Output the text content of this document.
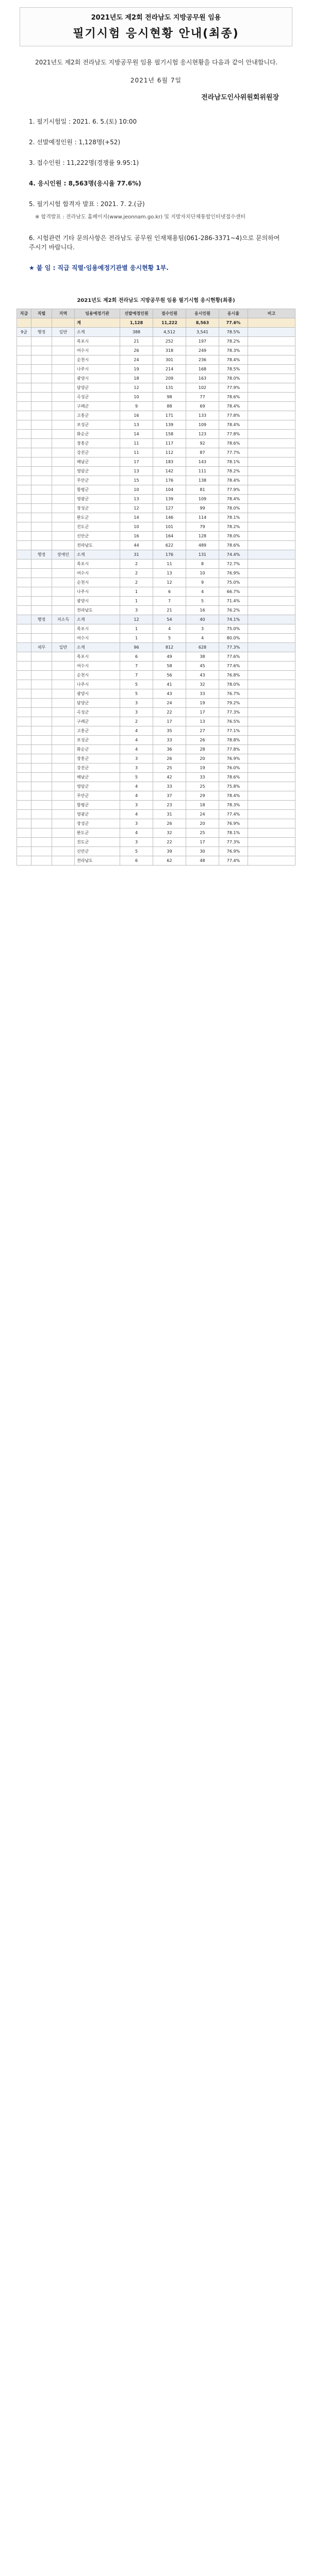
2021년도 제2회 전라남도 지방공무원 임용
필기시험 응시현황 안내(최종)
2021년도 제2회 전라남도 지방공무원 임용 필기시험 응시현황을 다음과 같이 안내합니다.
2021년 6월 7일
전라남도인사위원회위원장
1. 필기시험일 : 2021. 6. 5.(토) 10:00
2. 선발예정인원 : 1,128명(+52)
3. 접수인원 : 11,222명(경쟁률 9.95:1)
4. 응시인원 : 8,563명(응시율 77.6%)
5. 필기시험 합격자 발표 : 2021. 7. 2.(금)
※ 합격발표 : 전라남도 홈페이지(www.jeonnam.go.kr) 및 지방자치단체통합인터넷접수센터
6. 시험관련 기타 문의사항은 전라남도 공무원 인재채용팀(061-286-3371~4)으로 문의하여 주시기 바랍니다.
★ 붙 임 : 직급 직렬·임용예정기관별 응시현황 1부.
2021년도 제2회 전라남도 지방공무원 임용 필기시험 응시현황(최종)
직급	직렬	지역	임용예정기관	선발예정인원	접수인원	응시인원	응시율	비고
			계	1,128	11,222	8,563	77.6%	
9급	행정	일반	소계	388	4,512	3,541	78.5%	
			목포시	21	252	197	78.2%	
			여수시	26	318	249	78.3%	
			순천시	24	301	236	78.4%	
			나주시	19	214	168	78.5%	
			광양시	18	209	163	78.0%	
			담양군	12	131	102	77.9%	
			곡성군	10	98	77	78.6%	
			구례군	9	88	69	78.4%	
			고흥군	16	171	133	77.8%	
			보성군	13	139	109	78.4%	
			화순군	14	158	123	77.8%	
			장흥군	11	117	92	78.6%	
			강진군	11	112	87	77.7%	
			해남군	17	183	143	78.1%	
			영암군	13	142	111	78.2%	
			무안군	15	176	138	78.4%	
			함평군	10	104	81	77.9%	
			영광군	13	139	109	78.4%	
			장성군	12	127	99	78.0%	
			완도군	14	146	114	78.1%	
			진도군	10	101	79	78.2%	
			신안군	16	164	128	78.0%	
			전라남도	44	622	489	78.6%	
	행정	장애인	소계	31	176	131	74.4%	
			목포시	2	11	8	72.7%	
			여수시	2	13	10	76.9%	
			순천시	2	12	9	75.0%	
			나주시	1	6	4	66.7%	
			광양시	1	7	5	71.4%	
			전라남도	3	21	16	76.2%	
	행정	저소득	소계	12	54	40	74.1%	
			목포시	1	4	3	75.0%	
			여수시	1	5	4	80.0%	
	세무	일반	소계	96	812	628	77.3%	
			목포시	6	49	38	77.6%	
			여수시	7	58	45	77.6%	
			순천시	7	56	43	76.8%	
			나주시	5	41	32	78.0%	
			광양시	5	43	33	76.7%	
			담양군	3	24	19	79.2%	
			곡성군	3	22	17	77.3%	
			구례군	2	17	13	76.5%	
			고흥군	4	35	27	77.1%	
			보성군	4	33	26	78.8%	
			화순군	4	36	28	77.8%	
			장흥군	3	26	20	76.9%	
			강진군	3	25	19	76.0%	
			해남군	5	42	33	78.6%	
			영암군	4	33	25	75.8%	
			무안군	4	37	29	78.4%	
			함평군	3	23	18	78.3%	
			영광군	4	31	24	77.4%	
			장성군	3	26	20	76.9%	
			완도군	4	32	25	78.1%	
			진도군	3	22	17	77.3%	
			신안군	5	39	30	76.9%	
			전라남도	6	62	48	77.4%	
